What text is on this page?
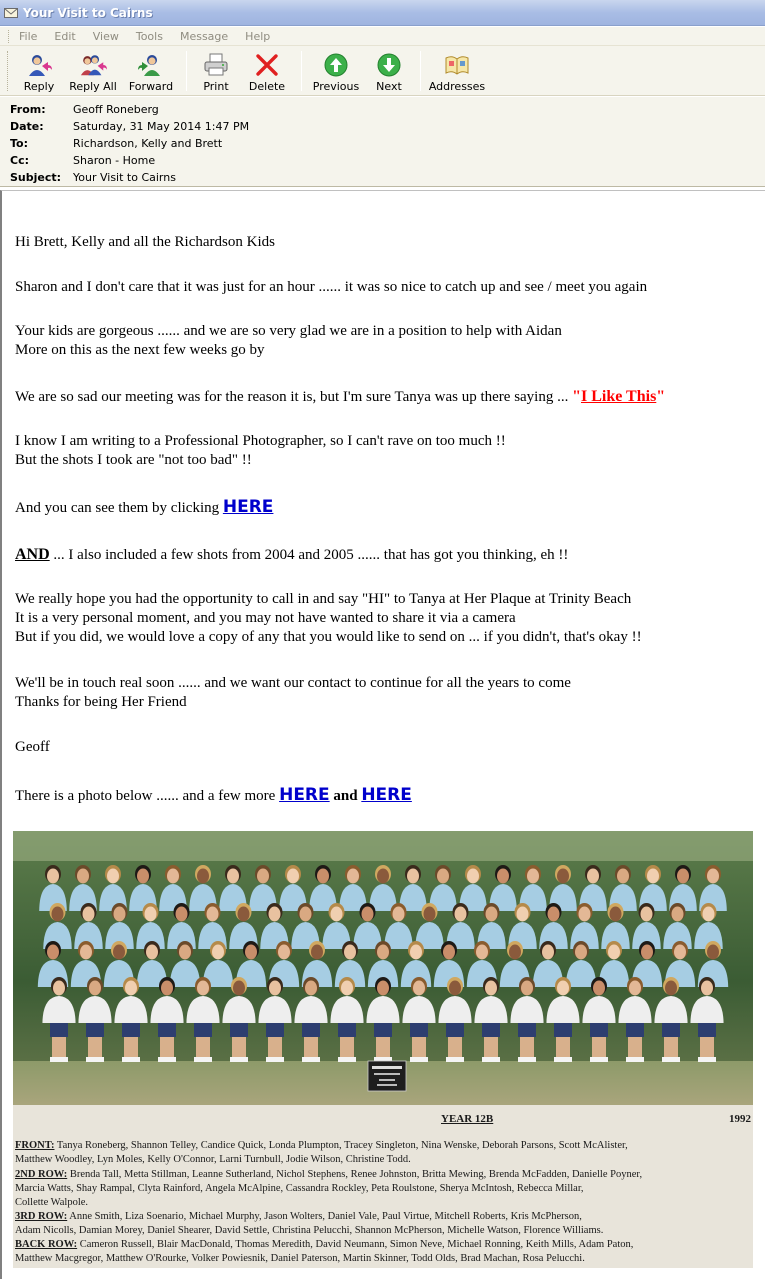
Your Visit to Cairns
File Edit View Tools Message Help
Reply Reply All Forward	Print Delete	Previous Next Addresses
From:	Geoff Roneberg
Date:	Saturday, 31 May 2014 1:47 PM
To:	Richardson, Kelly and Brett
Cc:	Sharon - Home
Subject:	Your Visit to Cairns

Hi Brett, Kelly and all the Richardson Kids

Sharon and I don't care that it was just for an hour ...... it was so nice to catch up and see / meet you again

Your kids are gorgeous ...... and we are so very glad we are in a position to help with Aidan

More on this as the next few weeks go by

We are so sad our meeting was for the reason it is, but I'm sure Tanya was up there saying ... "I Like This"

I know I am writing to a Professional Photographer, so I can't rave on too much !!

But the shots I took are "not too bad" !!

And you can see them by clicking HERE

AND ... I also included a few shots from 2004 and 2005 ...... that has got you thinking, eh !!

We really hope you had the opportunity to call in and say "HI" to Tanya at Her Plaque at Trinity Beach

It is a very personal moment, and you may not have wanted to share it via a camera

But if you did, we would love a copy of any that you would like to send on ... if you didn't, that's okay !!

We'll be in touch real soon ...... and we want our contact to continue for all the years to come

Thanks for being Her Friend

Geoff

There is a photo below ...... and a few more HERE and HERE

YEAR 12B	1992
FRONT: Tanya Roneberg, Shannon Telley, Candice Quick, Londa Plumpton, Tracey Singleton, Nina Wenske, Deborah Parsons, Scott McAlister,
Matthew Woodley, Lyn Moles, Kelly O'Connor, Larni Turnbull, Jodie Wilson, Christine Todd.
2ND ROW: Brenda Tall, Metta Stillman, Leanne Sutherland, Nichol Stephens, Renee Johnston, Britta Mewing, Brenda McFadden, Danielle Poyner,
Marcia Watts, Shay Rampal, Clyta Rainford, Angela McAlpine, Cassandra Rockley, Peta Roulstone, Sherya McIntosh, Rebecca Millar,
Collette Walpole.
3RD ROW: Anne Smith, Liza Soenario, Michael Murphy, Jason Wolters, Daniel Vale, Paul Virtue, Mitchell Roberts, Kris McPherson,
Adam Nicolls, Damian Morey, Daniel Shearer, David Settle, Christina Pelucchi, Shannon McPherson, Michelle Watson, Florence Williams.
BACK ROW: Cameron Russell, Blair MacDonald, Thomas Meredith, David Neumann, Simon Neve, Michael Ronning, Keith Mills, Adam Paton,
Matthew Macgregor, Matthew O'Rourke, Volker Powiesnik, Daniel Paterson, Martin Skinner, Todd Olds, Brad Machan, Rosa Pelucchi.
